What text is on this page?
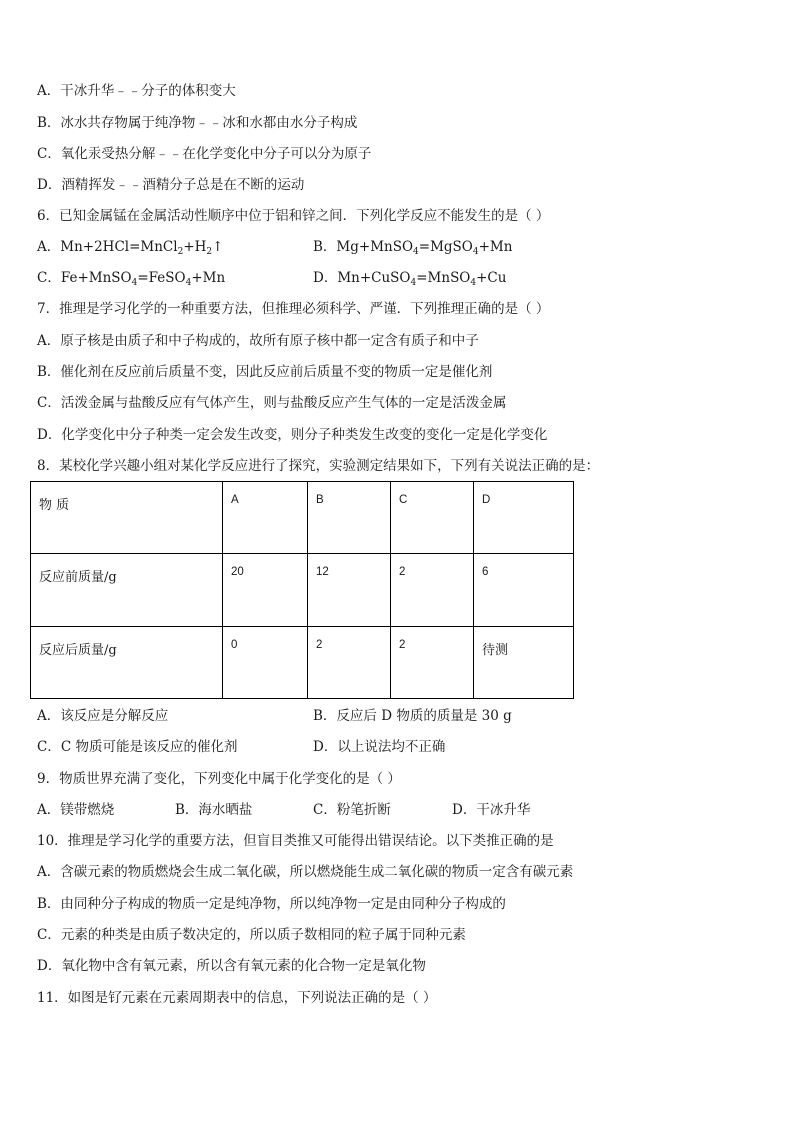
A．干冰升华﹣﹣分子的体积变大
B．冰水共存物属于纯净物﹣﹣冰和水都由水分子构成
C．氧化汞受热分解﹣﹣在化学变化中分子可以分为原子
D．酒精挥发﹣﹣酒精分子总是在不断的运动
6．已知金属锰在金属活动性顺序中位于铝和锌之间．下列化学反应不能发生的是（ ）
A．$Mn+2HCl=MnCl_2+H_2↑$	B．Mg+MnSO$_4$=MgSO$_4$+Mn
C．Fe+MnSO$_4$=FeSO$_4$+Mn	D．Mn+CuSO$_4$=MnSO$_4$+Cu
7．推理是学习化学的一种重要方法，但推理必须科学、严谨．下列推理正确的是（ ）
A．原子核是由质子和中子构成的，故所有原子核中都一定含有质子和中子
B．催化剂在反应前后质量不变，因此反应前后质量不变的物质一定是催化剂
C．活泼金属与盐酸反应有气体产生，则与盐酸反应产生气体的一定是活泼金属
D．化学变化中分子种类一定会发生改变，则分子种类发生改变的变化一定是化学变化
8．某校化学兴趣小组对某化学反应进行了探究，实验测定结果如下，下列有关说法正确的是：
物 质	A	B	C	D
反应前质量/g	20	12	2	6
反应后质量/g	0	2	2	待测
A．该反应是分解反应	B．反应后 D 物质的质量是 30 g
C．C 物质可能是该反应的催化剂	D．以上说法均不正确
9．物质世界充满了变化，下列变化中属于化学变化的是（ ）
A．镁带燃烧	B．海水晒盐	C．粉笔折断	D．干冰升华
10．推理是学习化学的重要方法，但盲目类推又可能得出错误结论。以下类推正确的是
A．含碳元素的物质燃烧会生成二氧化碳，所以燃烧能生成二氧化碳的物质一定含有碳元素
B．由同种分子构成的物质一定是纯净物，所以纯净物一定是由同种分子构成的
C．元素的种类是由质子数决定的，所以质子数相同的粒子属于同种元素
D．氧化物中含有氧元素，所以含有氧元素的化合物一定是氧化物
11．如图是钌元素在元素周期表中的信息，下列说法正确的是（ ）
